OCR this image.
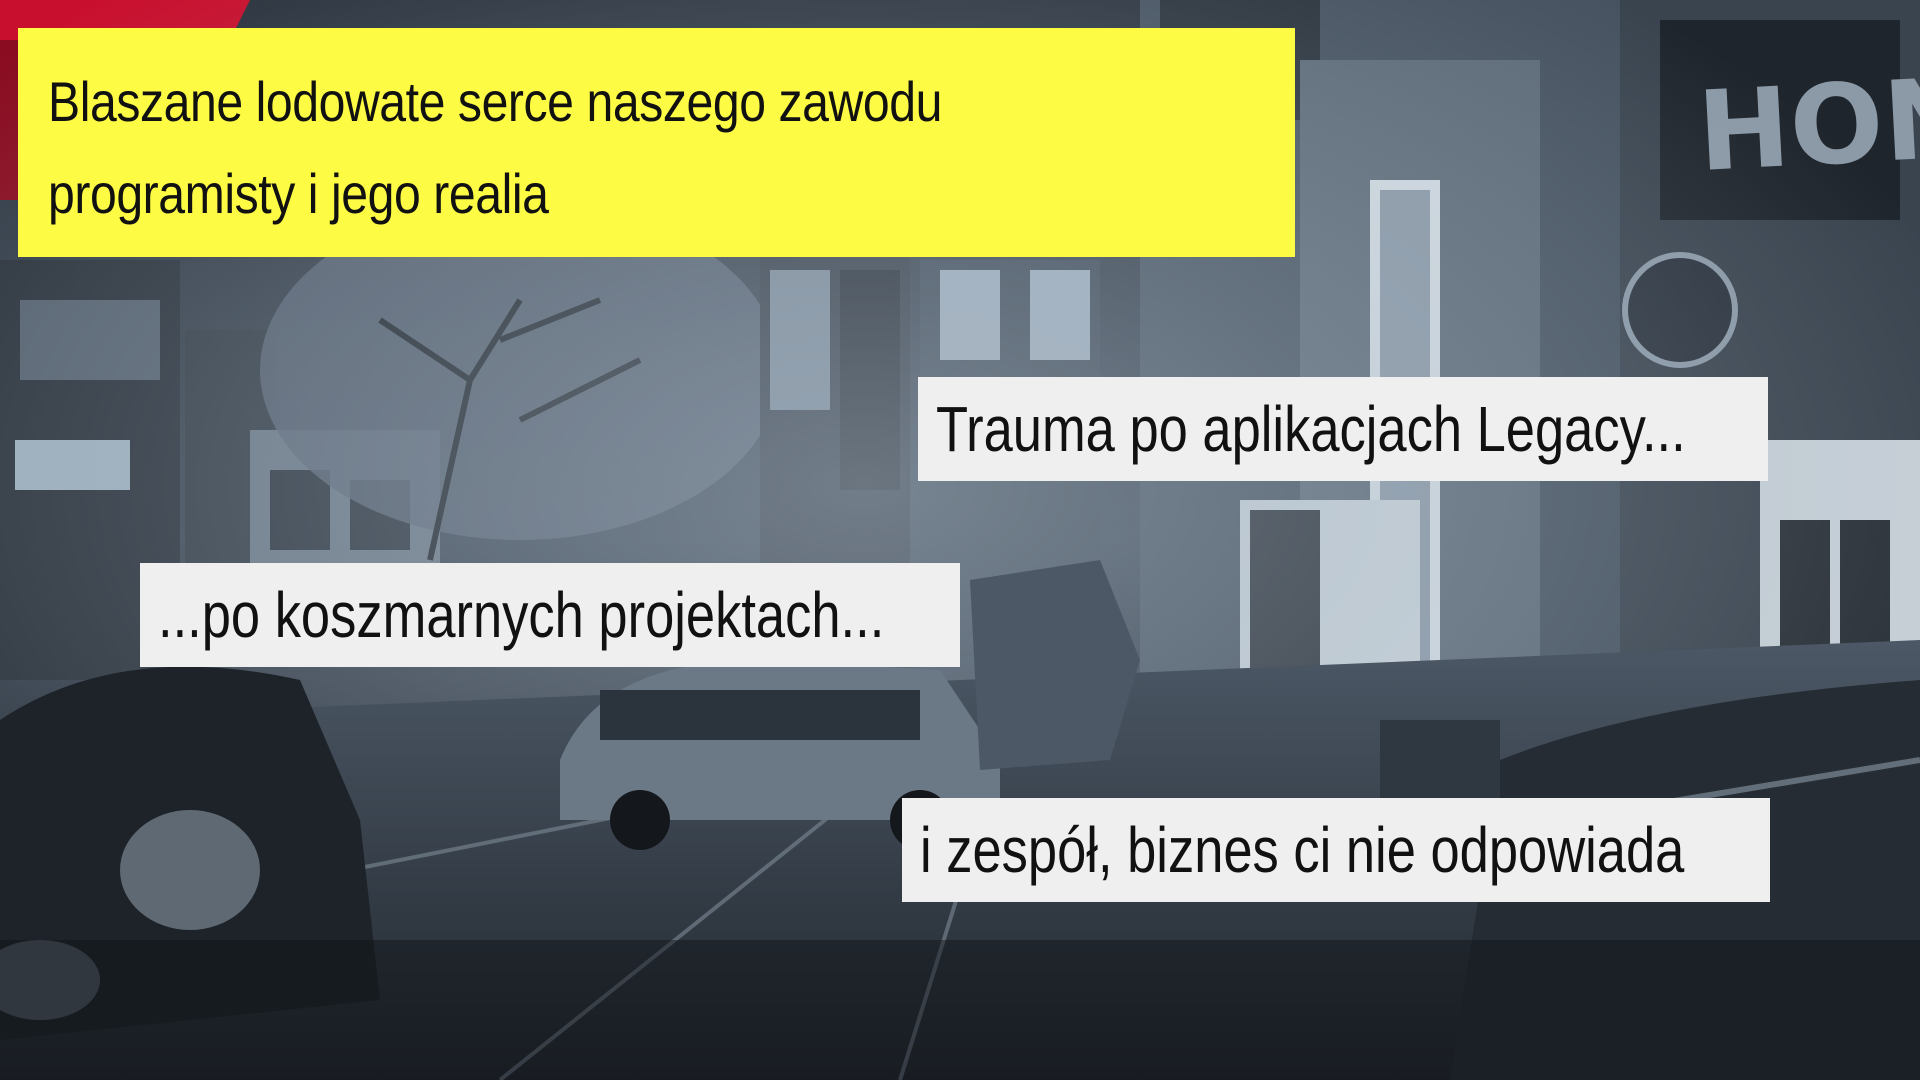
Blaszane lodowate serce naszego zawodu programisty i jego realia
Trauma po aplikacjach Legacy...
...po koszmarnych projektach...
i zespół, biznes ci nie odpowiada
